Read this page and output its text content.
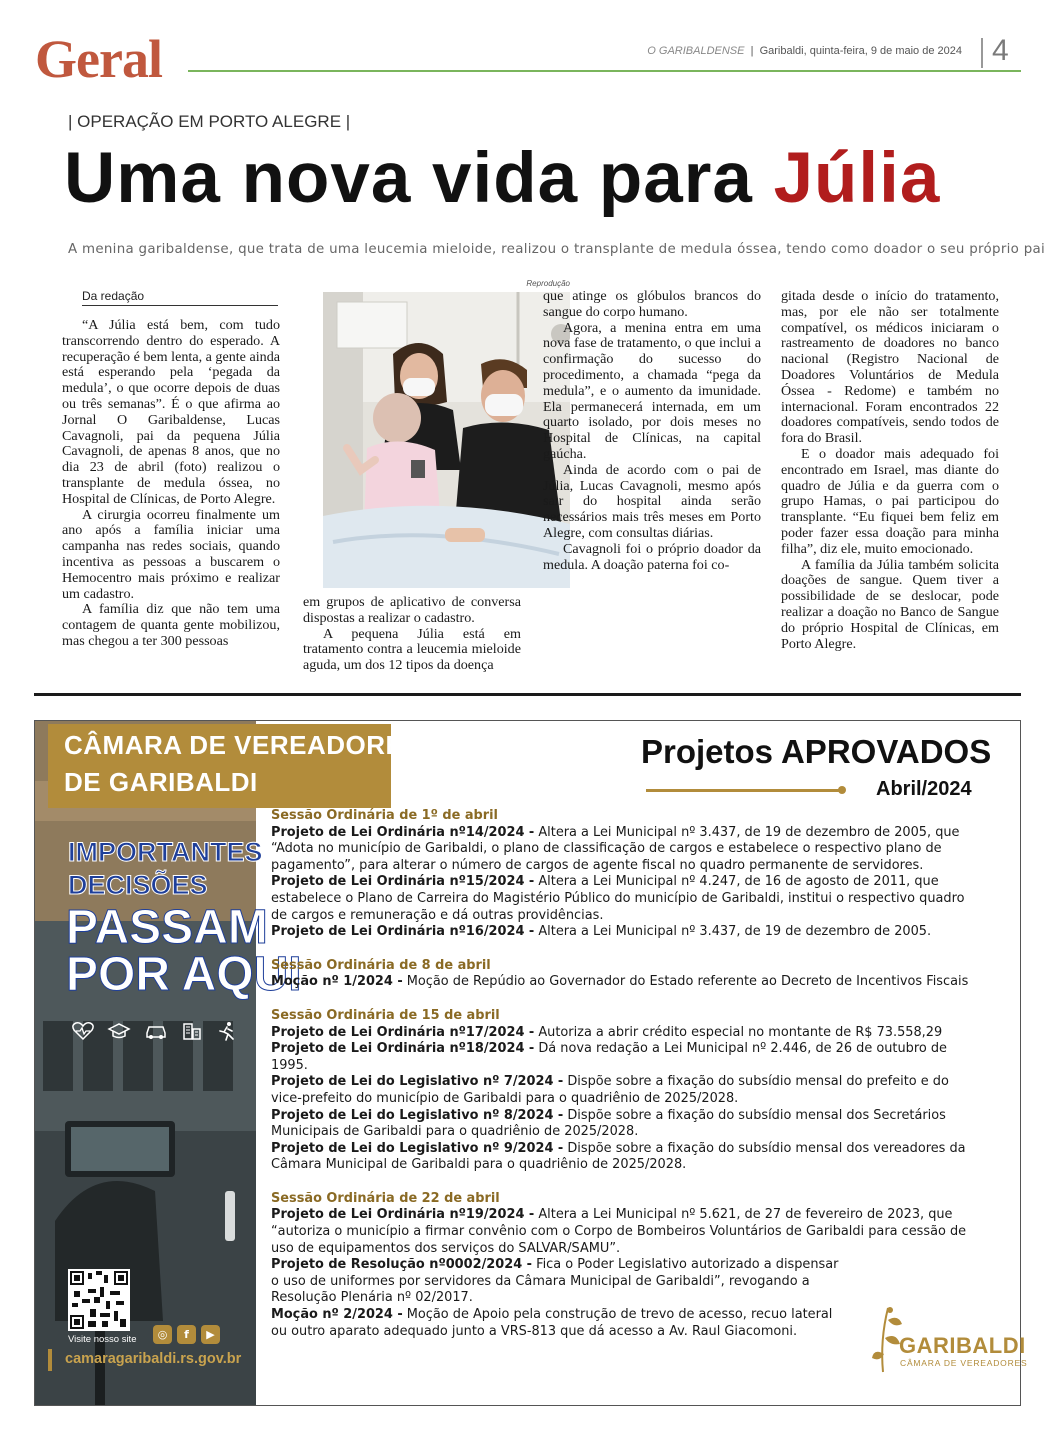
Geral	O GARIBALDENSE | Garibaldi, quinta-feira, 9 de maio de 2024 4
| OPERAÇÃO EM PORTO ALEGRE |
Uma nova vida para Júlia
A menina garibaldense, que trata de uma leucemia mieloide, realizou o transplante de medula óssea, tendo como doador o seu próprio pai
Da redação

“A Júlia está bem, com tudo transcorrendo dentro do esperado. A recuperação é bem lenta, a gente ainda está esperando pela ‘pegada da medula’, o que ocorre depois de duas ou três semanas”. É o que afirma ao Jornal O Garibaldense, Lucas Cavagnoli, pai da pequena Júlia Cavagnoli, de apenas 8 anos, que no dia 23 de abril (foto) realizou o transplante de medula óssea, no Hospital de Clínicas, de Porto Alegre.

A cirurgia ocorreu finalmente um ano após a família iniciar uma campanha nas redes sociais, quando incentiva as pessoas a buscarem o Hemocentro mais próximo e realizar um cadastro.

A família diz que não tem uma contagem de quanta gente mobilizou, mas chegou a ter 300 pessoas

Reprodução

em grupos de aplicativo de conversa dispostas a realizar o cadastro.

A pequena Júlia está em tratamento contra a leucemia mieloide aguda, um dos 12 tipos da doença

que atinge os glóbulos brancos do sangue do corpo humano.

Agora, a menina entra em uma nova fase de tratamento, o que inclui a confirmação do sucesso do procedimento, a chamada “pega da medula”, e o aumento da imunidade. Ela permanecerá internada, em um quarto isolado, por dois meses no Hospital de Clínicas, na capital gaúcha.

Ainda de acordo com o pai de Júlia, Lucas Cavagnoli, mesmo após sair do hospital ainda serão necessários mais três meses em Porto Alegre, com consultas diárias.

Cavagnoli foi o próprio doador da medula. A doação paterna foi co-

gitada desde o início do tratamento, mas, por ele não ser totalmente compatível, os médicos iniciaram o rastreamento de doadores no banco nacional (Registro Nacional de Doadores Voluntários de Medula Óssea - Redome) e também no internacional. Foram encontrados 22 doadores compatíveis, sendo todos de fora do Brasil.

E o doador mais adequado foi encontrado em Israel, mas diante do quadro de Júlia e da guerra com o grupo Hamas, o pai participou do transplante. “Eu fiquei bem feliz em poder fazer essa doação para minha filha”, diz ele, muito emocionado.

A família da Júlia também solicita doações de sangue. Quem tiver a possibilidade de se deslocar, pode realizar a doação no Banco de Sangue do próprio Hospital de Clínicas, em Porto Alegre.

CÂMARA DE VEREADORES
DE GARIBALDI
IMPORTANTES
DECISÕES
PASSAM
POR AQUI
Visite nosso site	◎	f	▶
camaragaribaldi.rs.gov.br
Projetos APROVADOS
Abril/2024
Sessão Ordinária de 1º de abril
Projeto de Lei Ordinária nº14/2024 - Altera a Lei Municipal nº 3.437, de 19 de dezembro de 2005, que “Adota no município de Garibaldi, o plano de classificação de cargos e estabelece o respectivo plano de pagamento”, para alterar o número de cargos de agente fiscal no quadro permanente de servidores.
Projeto de Lei Ordinária nº15/2024 - Altera a Lei Municipal nº 4.247, de 16 de agosto de 2011, que estabelece o Plano de Carreira do Magistério Público do município de Garibaldi, institui o respectivo quadro de cargos e remuneração e dá outras providências.
Projeto de Lei Ordinária nº16/2024 - Altera a Lei Municipal nº 3.437, de 19 de dezembro de 2005.
Sessão Ordinária de 8 de abril
Moção nº 1/2024 - Moção de Repúdio ao Governador do Estado referente ao Decreto de Incentivos Fiscais
Sessão Ordinária de 15 de abril
Projeto de Lei Ordinária nº17/2024 - Autoriza a abrir crédito especial no montante de R$ 73.558,29
Projeto de Lei Ordinária nº18/2024 - Dá nova redação a Lei Municipal nº 2.446, de 26 de outubro de 1995.
Projeto de Lei do Legislativo nº 7/2024 - Dispõe sobre a fixação do subsídio mensal do prefeito e do vice-prefeito do município de Garibaldi para o quadriênio de 2025/2028.
Projeto de Lei do Legislativo nº 8/2024 - Dispõe sobre a fixação do subsídio mensal dos Secretários Municipais de Garibaldi para o quadriênio de 2025/2028.
Projeto de Lei do Legislativo nº 9/2024 - Dispõe sobre a fixação do subsídio mensal dos vereadores da Câmara Municipal de Garibaldi para o quadriênio de 2025/2028.
Sessão Ordinária de 22 de abril
Projeto de Lei Ordinária nº19/2024 - Altera a Lei Municipal nº 5.621, de 27 de fevereiro de 2023, que “autoriza o município a firmar convênio com o Corpo de Bombeiros Voluntários de Garibaldi para cessão de uso de equipamentos dos serviços do SALVAR/SAMU”.
Projeto de Resolução nº0002/2024 - Fica o Poder Legislativo autorizado a dispensar o uso de uniformes por servidores da Câmara Municipal de Garibaldi”, revogando a Resolução Plenária nº 02/2017.
Moção nº 2/2024 - Moção de Apoio pela construção de trevo de acesso, recuo lateral ou outro aparato adequado junto a VRS-813 que dá acesso a Av. Raul Giacomoni.
GARIBALDI
CÂMARA DE VEREADORES
